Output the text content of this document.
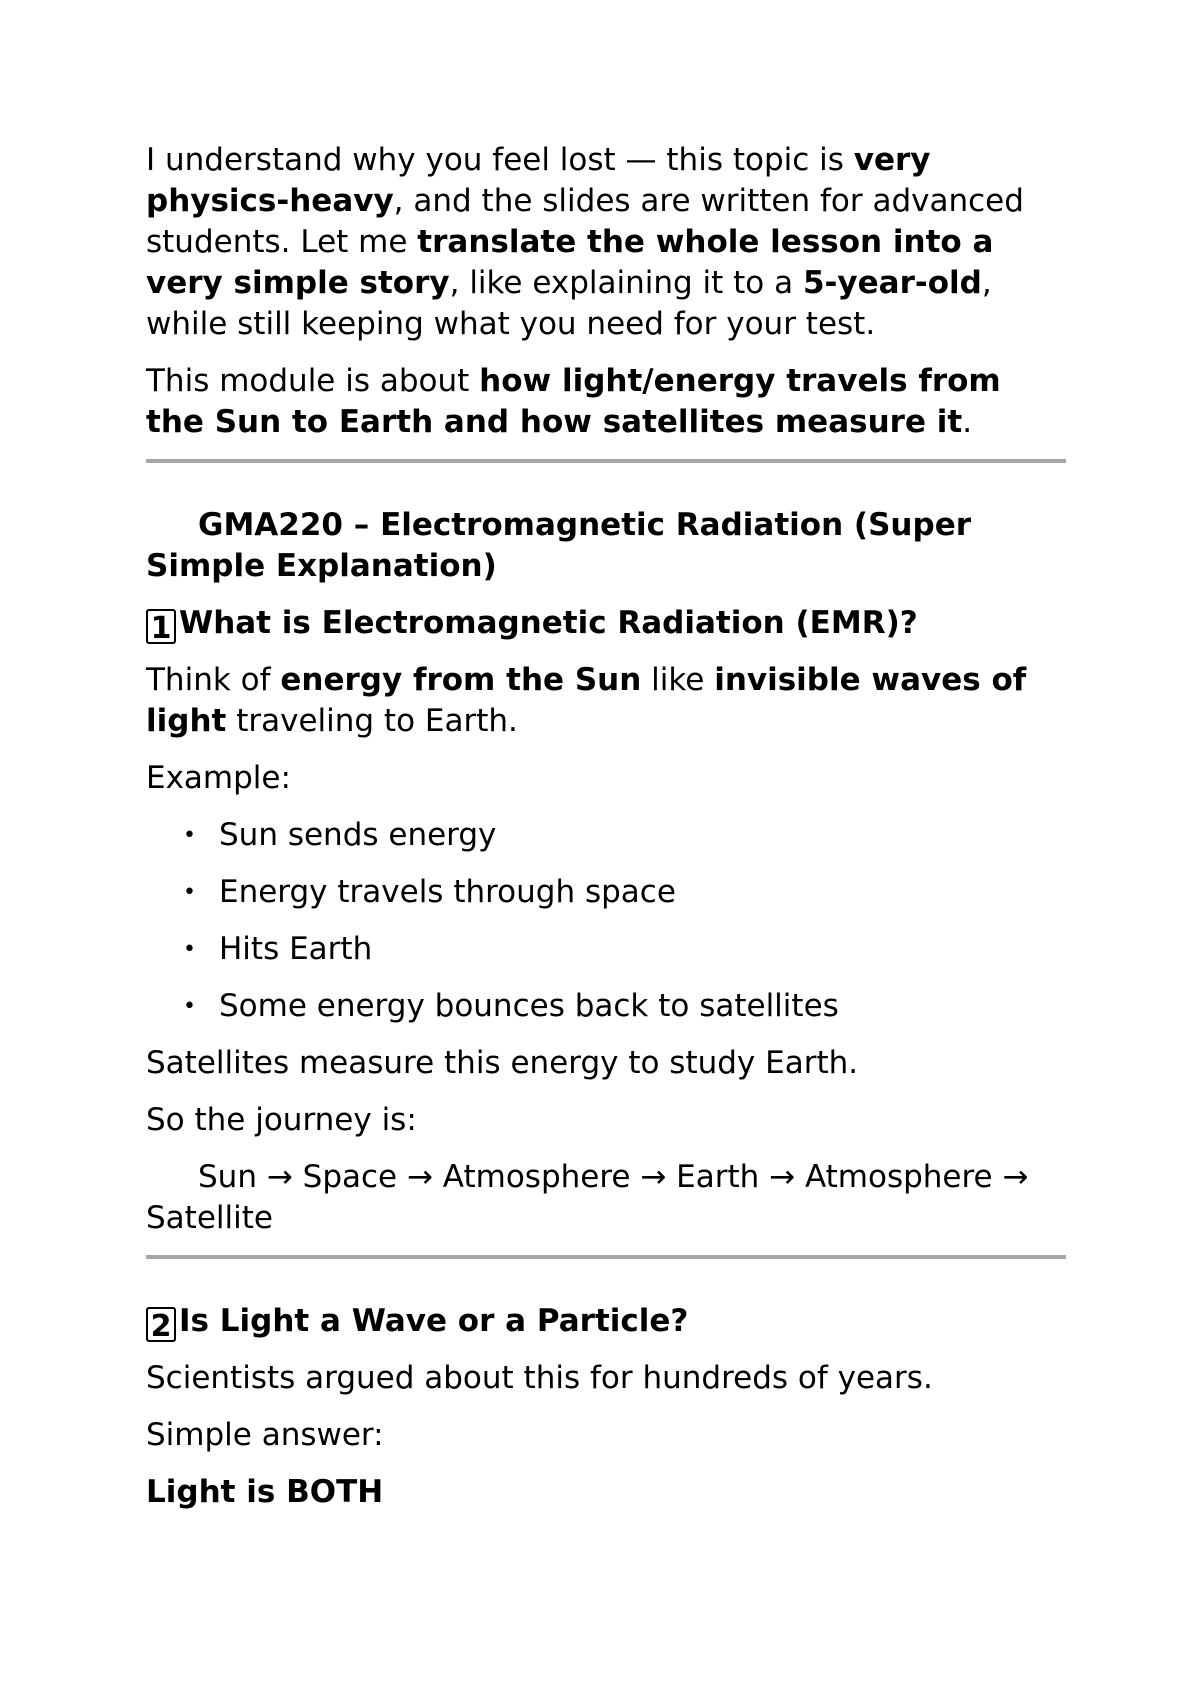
I understand why you feel lost — this topic is very physics-heavy, and the slides are written for advanced students. Let me translate the whole lesson into a very simple story, like explaining it to a 5-year-old, while still keeping what you need for your test.

This module is about how light/energy travels from the Sun to Earth and how satellites measure it.

GMA220 – Electromagnetic Radiation (Super Simple Explanation)

1 What is Electromagnetic Radiation (EMR)?

Think of energy from the Sun like invisible waves of light traveling to Earth.

Example:

• Sun sends energy
• Energy travels through space
• Hits Earth
• Some energy bounces back to satellites

Satellites measure this energy to study Earth.

So the journey is:

Sun → Space → Atmosphere → Earth → Atmosphere → Satellite

2 Is Light a Wave or a Particle?

Scientists argued about this for hundreds of years.

Simple answer:

Light is BOTH
